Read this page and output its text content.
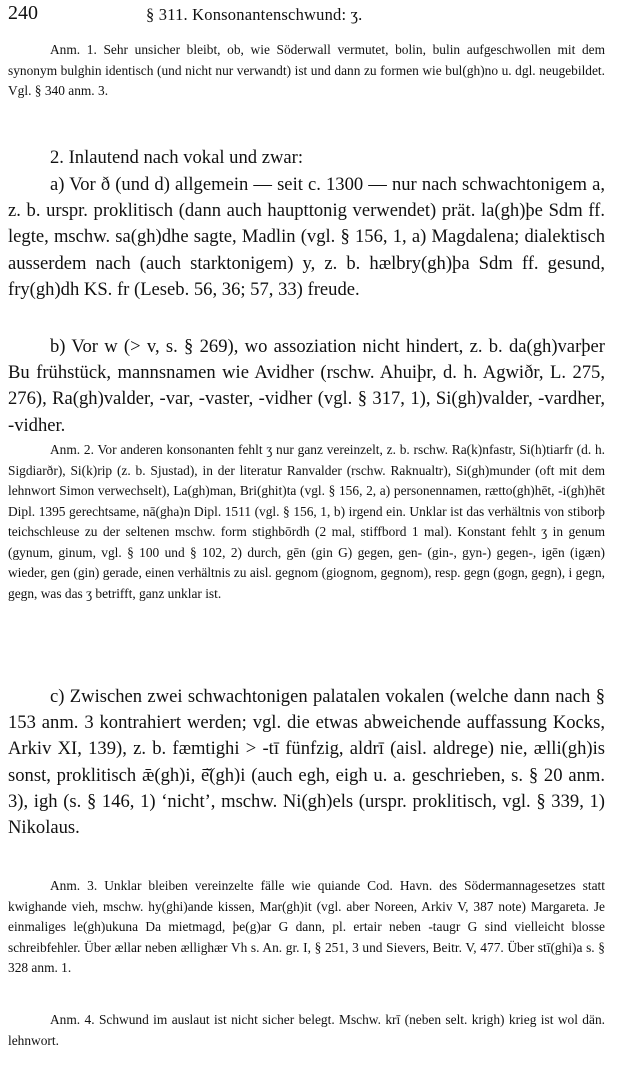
240	§ 311. Konsonantenschwund: ʒ.

Anm. 1. Sehr unsicher bleibt, ob, wie Söderwall vermutet, bolin, bulin aufgeschwollen mit dem synonym bulghin identisch (und nicht nur verwandt) ist und dann zu formen wie bul(gh)no u. dgl. neugebildet. Vgl. § 340 anm. 3.

2. Inlautend nach vokal und zwar:

a) Vor ð (und d) allgemein — seit c. 1300 — nur nach schwachtonigem a, z. b. urspr. proklitisch (dann auch haupttonig verwendet) prät. la(gh)þe Sdm ff. legte, mschw. sa(gh)dhe sagte, Madlin (vgl. § 156, 1, a) Magdalena; dialektisch ausserdem nach (auch starktonigem) y, z. b. hælbry(gh)þa Sdm ff. gesund, fry(gh)dh KS. fr (Leseb. 56, 36; 57, 33) freude.

b) Vor w (> v, s. § 269), wo assoziation nicht hindert, z. b. da(gh)varþer Bu frühstück, mannsnamen wie Avidher (rschw. Ahuiþr, d. h. Agwiðr, L. 275, 276), Ra(gh)valder, -var, -vaster, -vidher (vgl. § 317, 1), Si(gh)valder, -vardher, -vidher.

Anm. 2. Vor anderen konsonanten fehlt ʒ nur ganz vereinzelt, z. b. rschw. Ra(k)nfastr, Si(h)tiarfr (d. h. Sigdiarðr), Si(k)rip (z. b. Sjustad), in der literatur Ranvalder (rschw. Raknualtr), Si(gh)munder (oft mit dem lehnwort Simon verwechselt), La(gh)man, Bri(ghit)ta (vgl. § 156, 2, a) personennamen, rætto(gh)hēt, -i(gh)hēt Dipl. 1395 gerechtsame, nā(gha)n Dipl. 1511 (vgl. § 156, 1, b) irgend ein. Unklar ist das verhältnis von stiborþ teichschleuse zu der seltenen mschw. form stighbōrdh (2 mal, stiffbord 1 mal). Konstant fehlt ʒ in genum (gynum, ginum, vgl. § 100 und § 102, 2) durch, gēn (gin G) gegen, gen- (gin-, gyn-) gegen-, igēn (igæn) wieder, gen (gin) gerade, einen verhältnis zu aisl. gegnom (giognom, gegnom), resp. gegn (gogn, gegn), i gegn, gegn, was das ʒ betrifft, ganz unklar ist.

c) Zwischen zwei schwachtonigen palatalen vokalen (welche dann nach § 153 anm. 3 kontrahiert werden; vgl. die etwas abweichende auffassung Kocks, Arkiv XI, 139), z. b. fæmtighi > -tī fünfzig, aldrī (aisl. aldrege) nie, ælli(gh)is sonst, proklitisch ǣ(gh)i, ē̆(gh)i (auch egh, eigh u. a. geschrieben, s. § 20 anm. 3), igh (s. § 146, 1) ‘nicht’, mschw. Ni(gh)els (urspr. proklitisch, vgl. § 339, 1) Nikolaus.

Anm. 3. Unklar bleiben vereinzelte fälle wie quiande Cod. Havn. des Södermannagesetzes statt kwighande vieh, mschw. hy(ghi)ande kissen, Mar(gh)it (vgl. aber Noreen, Arkiv V, 387 note) Margareta. Je einmaliges le(gh)ukuna Da mietmagd, þe(g)ar G dann, pl. ertair neben -taugr G sind vielleicht blosse schreibfehler. Über ællar neben ællighær Vh s. An. gr. I, § 251, 3 und Sievers, Beitr. V, 477. Über stī(ghi)a s. § 328 anm. 1.

Anm. 4. Schwund im auslaut ist nicht sicher belegt. Mschw. krī (neben selt. krigh) krieg ist wol dän. lehnwort.
